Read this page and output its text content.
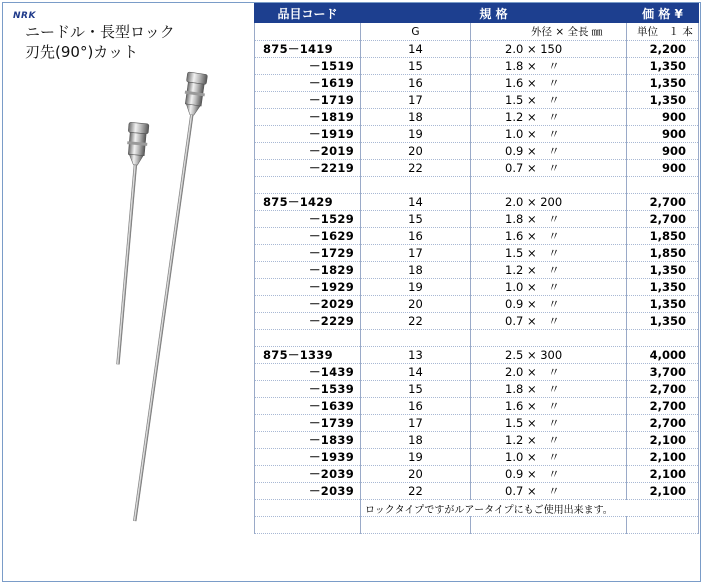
NRK
ニードル・長型ロック
刃先(90°)カット
品目コード	規 格		価 格 ¥
	G	外径 × 全長 ㎜	単位　１ 本
875－1419	14	2.0 × 150	2,200
－1519	15	1.8 ×　〃	1,350
－1619	16	1.6 ×　〃	1,350
－1719	17	1.5 ×　〃	1,350
－1819	18	1.2 ×　〃	900
－1919	19	1.0 ×　〃	900
－2019	20	0.9 ×　〃	900
－2219	22	0.7 ×　〃	900

875－1429	14	2.0 × 200	2,700
－1529	15	1.8 ×　〃	2,700
－1629	16	1.6 ×　〃	1,850
－1729	17	1.5 ×　〃	1,850
－1829	18	1.2 ×　〃	1,350
－1929	19	1.0 ×　〃	1,350
－2029	20	0.9 ×　〃	1,350
－2229	22	0.7 ×　〃	1,350

875－1339	13	2.5 × 300	4,000
－1439	14	2.0 ×　〃	3,700
－1539	15	1.8 ×　〃	2,700
－1639	16	1.6 ×　〃	2,700
－1739	17	1.5 ×　〃	2,700
－1839	18	1.2 ×　〃	2,100
－1939	19	1.0 ×　〃	2,100
－2039	20	0.9 ×　〃	2,100
－2039	22	0.7 ×　〃	2,100
	ロックタイプですがルアータイプにもご使用出来ます。		
